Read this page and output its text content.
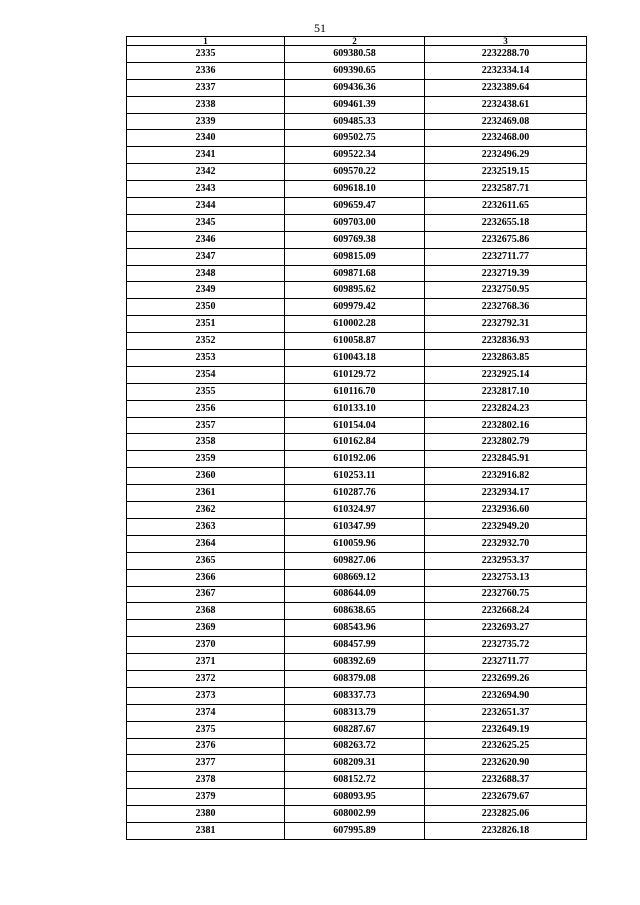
51
1	2	3
2335	609380.58	2232288.70
2336	609390.65	2232334.14
2337	609436.36	2232389.64
2338	609461.39	2232438.61
2339	609485.33	2232469.08
2340	609502.75	2232468.00
2341	609522.34	2232496.29
2342	609570.22	2232519.15
2343	609618.10	2232587.71
2344	609659.47	2232611.65
2345	609703.00	2232655.18
2346	609769.38	2232675.86
2347	609815.09	2232711.77
2348	609871.68	2232719.39
2349	609895.62	2232750.95
2350	609979.42	2232768.36
2351	610002.28	2232792.31
2352	610058.87	2232836.93
2353	610043.18	2232863.85
2354	610129.72	2232925.14
2355	610116.70	2232817.10
2356	610133.10	2232824.23
2357	610154.04	2232802.16
2358	610162.84	2232802.79
2359	610192.06	2232845.91
2360	610253.11	2232916.82
2361	610287.76	2232934.17
2362	610324.97	2232936.60
2363	610347.99	2232949.20
2364	610059.96	2232932.70
2365	609827.06	2232953.37
2366	608669.12	2232753.13
2367	608644.09	2232760.75
2368	608638.65	2232668.24
2369	608543.96	2232693.27
2370	608457.99	2232735.72
2371	608392.69	2232711.77
2372	608379.08	2232699.26
2373	608337.73	2232694.90
2374	608313.79	2232651.37
2375	608287.67	2232649.19
2376	608263.72	2232625.25
2377	608209.31	2232620.90
2378	608152.72	2232688.37
2379	608093.95	2232679.67
2380	608002.99	2232825.06
2381	607995.89	2232826.18
